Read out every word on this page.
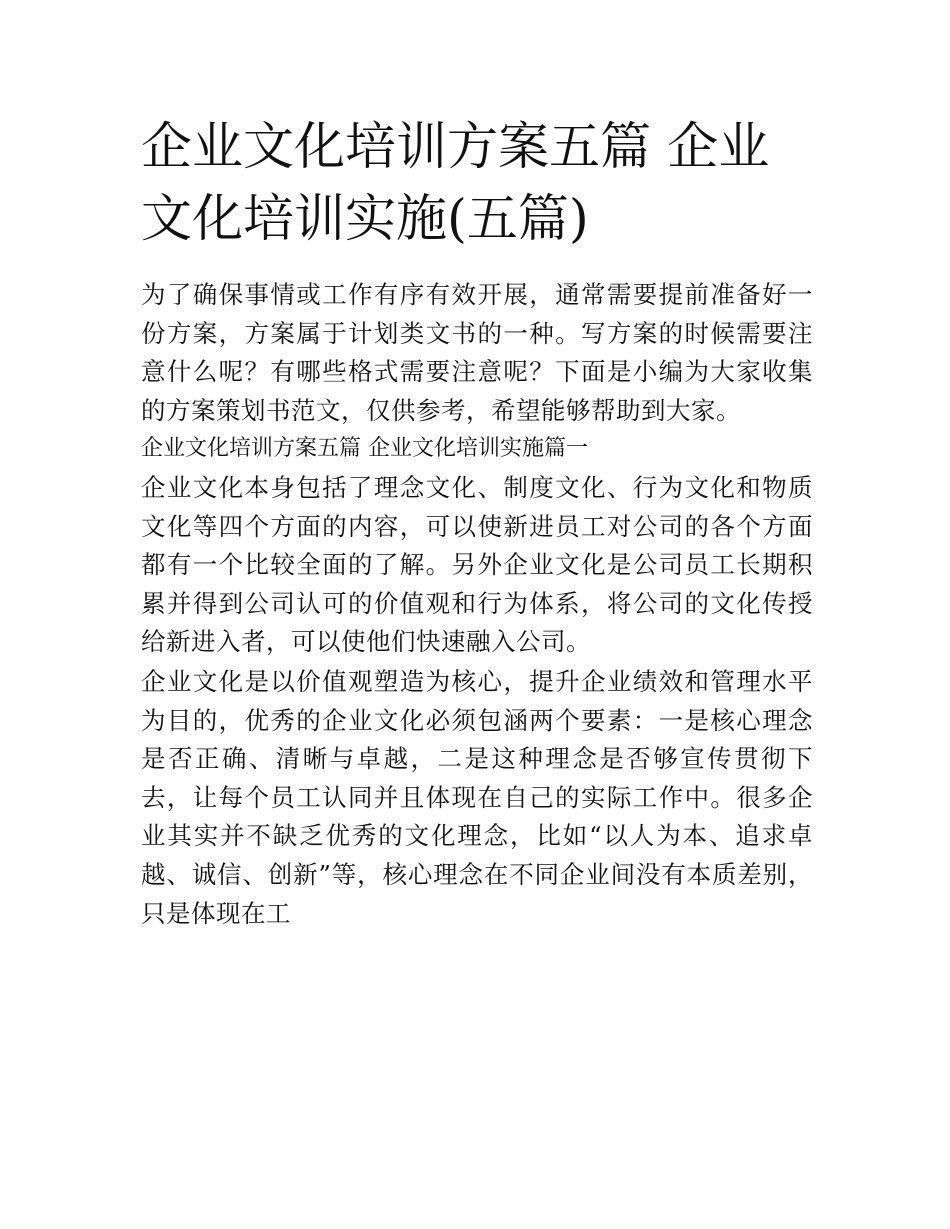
企业文化培训方案五篇 企业文化培训实施(五篇)

为了确保事情或工作有序有效开展，通常需要提前准备好一份方案，方案属于计划类文书的一种。写方案的时候需要注意什么呢？有哪些格式需要注意呢？下面是小编为大家收集的方案策划书范文，仅供参考，希望能够帮助到大家。

企业文化培训方案五篇 企业文化培训实施篇一

企业文化本身包括了理念文化、制度文化、行为文化和物质文化等四个方面的内容，可以使新进员工对公司的各个方面都有一个比较全面的了解。另外企业文化是公司员工长期积累并得到公司认可的价值观和行为体系，将公司的文化传授给新进入者，可以使他们快速融入公司。

企业文化是以价值观塑造为核心，提升企业绩效和管理水平为目的，优秀的企业文化必须包涵两个要素：一是核心理念是否正确、清晰与卓越，二是这种理念是否够宣传贯彻下去，让每个员工认同并且体现在自己的实际工作中。很多企业其实并不缺乏优秀的文化理念，比如“以人为本、追求卓越、诚信、创新”等，核心理念在不同企业间没有本质差别，只是体现在工
